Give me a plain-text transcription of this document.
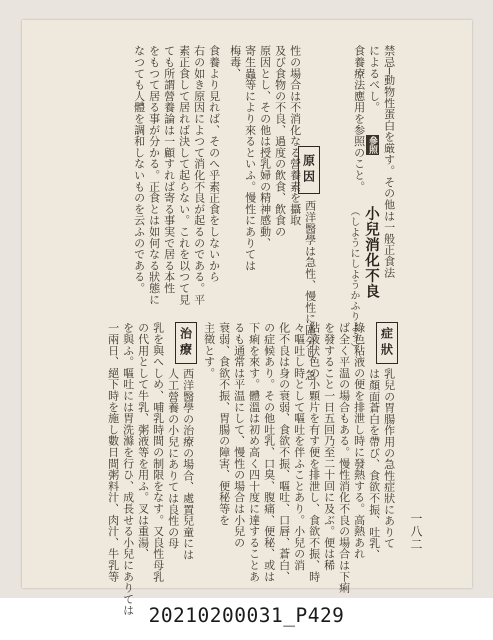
一八二
禁忌─動物性蛋白を厳す。その他は一般正食法
によるべし。
參照
食養療法應用を参照のこと。
小兒消化不良
（しようにしようかふりよう）
原因
西洋醫學は急性、慢性に區分し、急
性の場合は不消化なる營養素を攝取
及び食物の不良、過度の飲食、飲食の
原因とし、その他は授乳婦の精神感動、
寄生蟲等により來るといふ。慢性にありては
梅毒、
食養より見れば、そのへ乎素正食をしないから
右の如き原因によつて消化不良が起るのである。平
素正食して居れば決して起らない。これを以つて見
ても所謂營養論は一顧すれば寄る事実で居る本性
をもつて居る事が分かる。正食とは如何なる狀態に
なつても人體を調和しないものを云ふのである。
症狀
乳兒の胃腸作用の急性症狀にありて
は顏面蒼白を帶び、食欲不振、吐乳、
綠色粘液の便を排泄し時に發熱する。高熱あれ
ば全く平温の場合もある。慢性消化不良の場合は下痢
を發すること一日五回乃至二十回に及ぶ。便は稀
粘液狀色の小顆片を有す便を排泄し、食欲不振、時
々嘔吐し時として嘔吐を伴ふことあり。小兒の消
化不良は身の衰弱、食欲不振、嘔吐、口唇、蒼白、
の症候あり。その他吐乳、口臭、腹痛、便秘、或は
下痢を來す。體溫は初め高く四十度に達することあ
るも通常は平温にして、慢性の場合は小兒の
衰弱、食欲不振、胃腸の障害、便秘等を
主徵とす。
治療
西洋醫學の治療の場合、處置兒童には
人工營養の小兒にありては良性の母
乳を與へしめ、哺乳時間の制限をなす。又良性母乳
の代用として牛乳、粥液等を用ふ。叉は重湯、
を與ふ。嘔吐には胃洗滌を行ひ、成長せる小兒にありては
一兩日、絕下時を施し數日間粥料汁、肉汁、牛乳等
20210200031_P429
